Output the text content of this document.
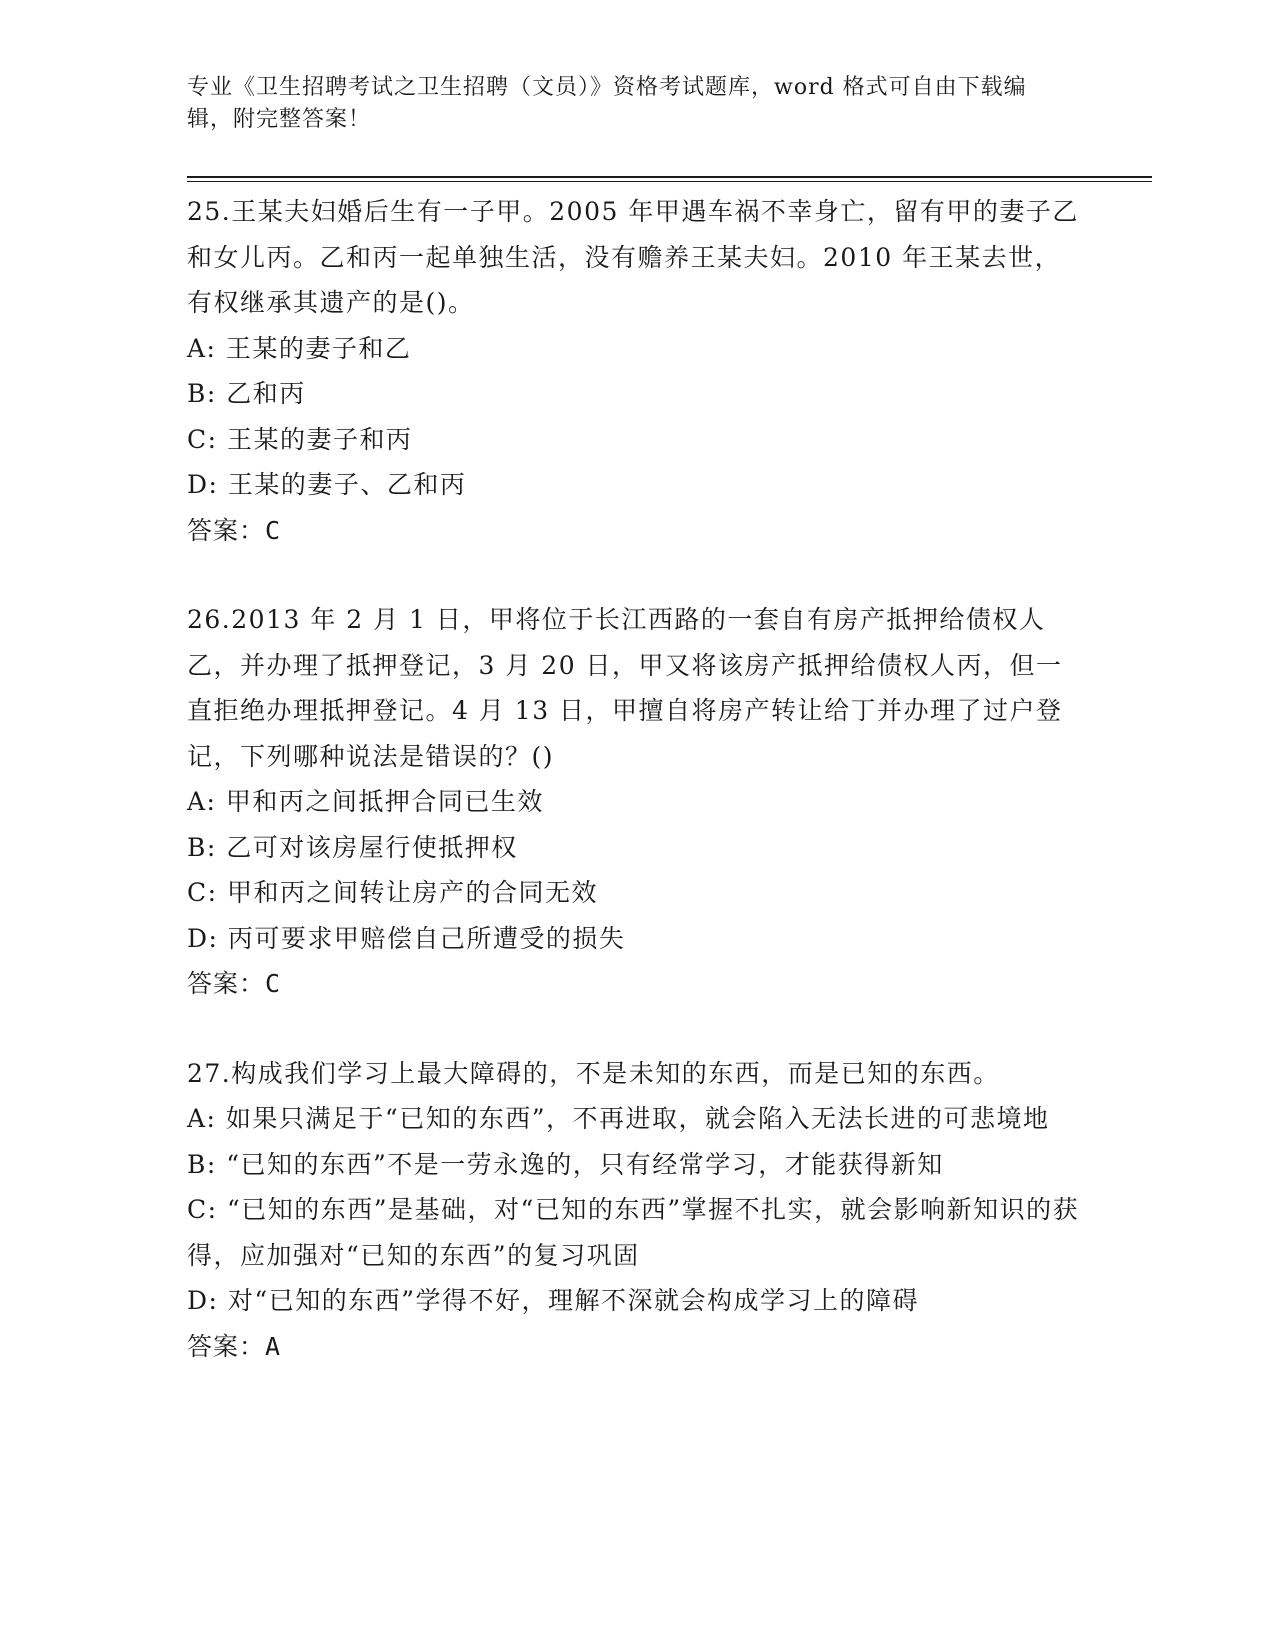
专业《卫生招聘考试之卫生招聘（文员）》资格考试题库，word 格式可自由下载编辑，附完整答案！
25.王某夫妇婚后生有一子甲。2005 年甲遇车祸不幸身亡，留有甲的妻子乙和女儿丙。乙和丙一起单独生活，没有赡养王某夫妇。2010 年王某去世，有权继承其遗产的是()。
A: 王某的妻子和乙
B: 乙和丙
C: 王某的妻子和丙
D: 王某的妻子、乙和丙
答案：C
26.2013 年 2 月 1 日，甲将位于长江西路的一套自有房产抵押给债权人乙，并办理了抵押登记，3 月 20 日，甲又将该房产抵押给债权人丙，但一直拒绝办理抵押登记。4 月 13 日，甲擅自将房产转让给丁并办理了过户登记，下列哪种说法是错误的？()
A: 甲和丙之间抵押合同已生效
B: 乙可对该房屋行使抵押权
C: 甲和丙之间转让房产的合同无效
D: 丙可要求甲赔偿自己所遭受的损失
答案：C
27.构成我们学习上最大障碍的，不是未知的东西，而是已知的东西。
A: 如果只满足于“已知的东西”，不再进取，就会陷入无法长进的可悲境地
B: “已知的东西”不是一劳永逸的，只有经常学习，才能获得新知
C: “已知的东西”是基础，对“已知的东西”掌握不扎实，就会影响新知识的获得，应加强对“已知的东西”的复习巩固
D: 对“已知的东西”学得不好，理解不深就会构成学习上的障碍
答案：A
